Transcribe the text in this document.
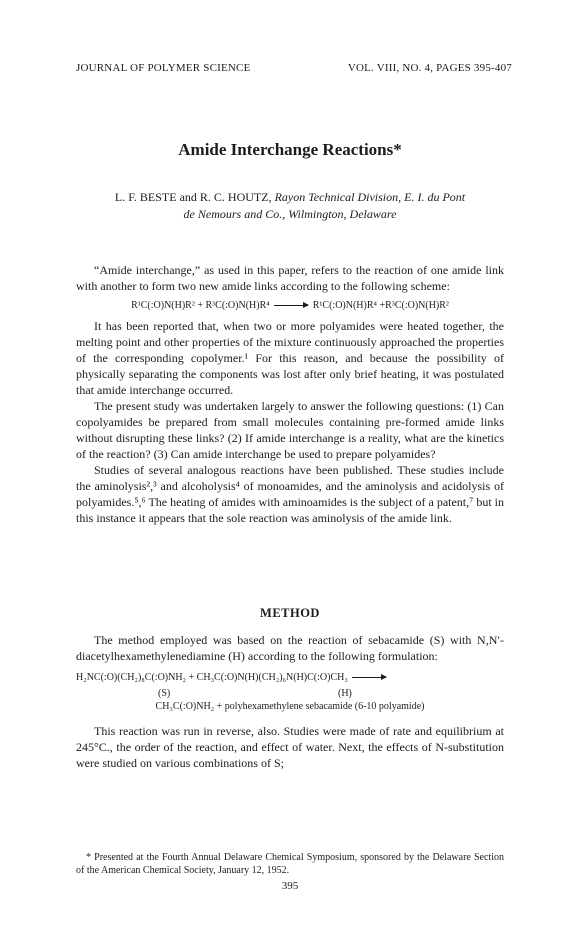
JOURNAL OF POLYMER SCIENCE	VOL. VIII, NO. 4, PAGES 395-407
Amide Interchange Reactions*
L. F. BESTE and R. C. HOUTZ, Rayon Technical Division, E. I. du Pont
de Nemours and Co., Wilmington, Delaware

“Amide interchange,” as used in this paper, refers to the reaction of one amide link with another to form two new amide links according to the following scheme:

R¹C(:O)N(H)R² + R³C(:O)N(H)R⁴ → R¹C(:O)N(H)R⁴ +R³C(:O)N(H)R²

It has been reported that, when two or more polyamides were heated together, the melting point and other properties of the mixture continuously approached the properties of the corresponding copolymer.¹ For this reason, and because the possibility of physically separating the components was lost after only brief heating, it was postulated that amide interchange occurred.

The present study was undertaken largely to answer the following questions: (1) Can copolyamides be prepared from small molecules containing pre-formed amide links without disrupting these links? (2) If amide interchange is a reality, what are the kinetics of the reaction? (3) Can amide interchange be used to prepare polyamides?

Studies of several analogous reactions have been published. These studies include the aminolysis²,³ and alcoholysis⁴ of monoamides, and the aminolysis and acidolysis of polyamides.⁵,⁶ The heating of amides with aminoamides is the subject of a patent,⁷ but in this instance it appears that the sole reaction was aminolysis of the amide link.

METHOD

The method employed was based on the reaction of sebacamide (S) with N,N′-diacetylhexamethylenediamine (H) according to the following formulation:

H₂NC(:O)(CH₂)₈C(:O)NH₂ + CH₃C(:O)N(H)(CH₂)₆N(H)C(:O)CH₃
(S)	(H)
CH₃C(:O)NH₂ + polyhexamethylene sebacamide (6-10 polyamide)

This reaction was run in reverse, also. Studies were made of rate and equilibrium at 245°C., the order of the reaction, and effect of water. Next, the effects of N-substitution were studied on various combinations of S;

* Presented at the Fourth Annual Delaware Chemical Symposium, sponsored by the Delaware Section of the American Chemical Society, January 12, 1952.
395
